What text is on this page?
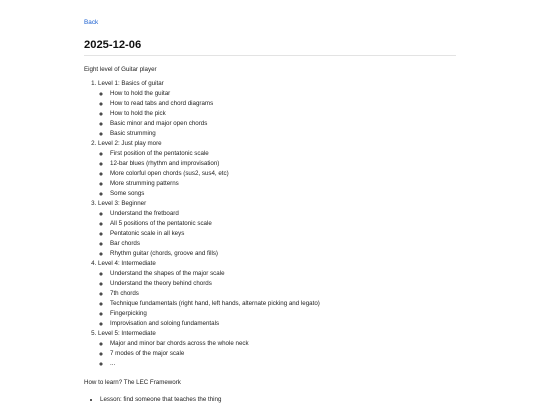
Back
2025-12-06

Eight level of Guitar player

1. Level 1: Basics of guitar
◦ How to hold the guitar
◦ How to read tabs and chord diagrams
◦ How to hold the pick
◦ Basic minor and major open chords
◦ Basic strumming
2. Level 2: Just play more
◦ First position of the pentatonic scale
◦ 12-bar blues (rhythm and improvisation)
◦ More colorful open chords (sus2, sus4, etc)
◦ More strumming patterns
◦ Some songs
3. Level 3: Beginner
◦ Understand the fretboard
◦ All 5 positions of the pentatonic scale
◦ Pentatonic scale in all keys
◦ Bar chords
◦ Rhythm guitar (chords, groove and fills)
4. Level 4: Intermediate
◦ Understand the shapes of the major scale
◦ Understand the theory behind chords
◦ 7th chords
◦ Technique fundamentals (right hand, left hands, alternate picking and legato)
◦ Fingerpicking
◦ Improvisation and soloing fundamentals
5. Level 5: Intermediate
◦ Major and minor bar chords across the whole neck
◦ 7 modes of the major scale
◦ ...

How to learn? The LEC Framework

• Lesson: find someone that teaches the thing
